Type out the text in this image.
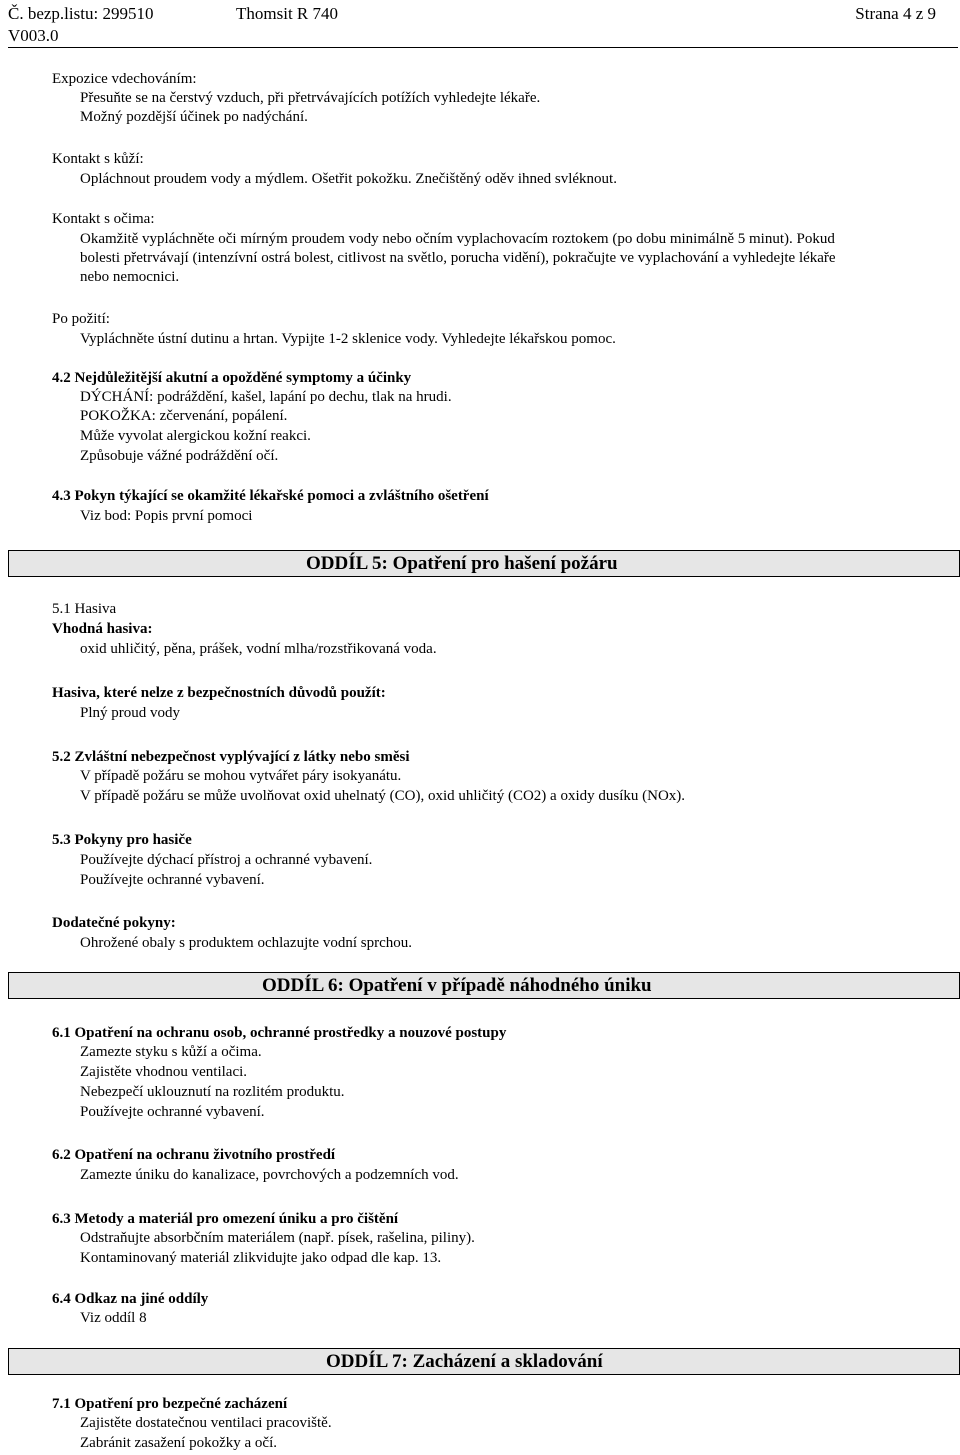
Č. bezp.listu: 299510	Thomsit R 740	Strana 4 z 9
V003.0
Expozice vdechováním:
Přesuňte se na čerstvý vzduch, při přetrvávajících potížích vyhledejte lékaře.
Možný pozdější účinek po nadýchání.
Kontakt s kůží:
Opláchnout proudem vody a mýdlem. Ošetřit pokožku. Znečištěný oděv ihned svléknout.
Kontakt s očima:
Okamžitě vypláchněte oči mírným proudem vody nebo očním vyplachovacím roztokem (po dobu minimálně 5 minut). Pokud
bolesti přetrvávají (intenzívní ostrá bolest, citlivost na světlo, porucha vidění), pokračujte ve vyplachování a vyhledejte lékaře
nebo nemocnici.
Po požití:
Vypláchněte ústní dutinu a hrtan. Vypijte 1-2 sklenice vody. Vyhledejte lékařskou pomoc.
4.2 Nejdůležitější akutní a opožděné symptomy a účinky
DÝCHÁNÍ: podráždění, kašel, lapání po dechu, tlak na hrudi.
POKOŽKA: zčervenání, popálení.
Může vyvolat alergickou kožní reakci.
Způsobuje vážné podráždění očí.
4.3 Pokyn týkající se okamžité lékařské pomoci a zvláštního ošetření
Viz bod: Popis první pomoci
ODDÍL 5: Opatření pro hašení požáru
5.1 Hasiva
Vhodná hasiva:
oxid uhličitý, pěna, prášek, vodní mlha/rozstřikovaná voda.
Hasiva, které nelze z bezpečnostních důvodů použít:
Plný proud vody
5.2 Zvláštní nebezpečnost vyplývající z látky nebo směsi
V případě požáru se mohou vytvářet páry isokyanátu.
V případě požáru se může uvolňovat oxid uhelnatý (CO), oxid uhličitý (CO2) a oxidy dusíku (NOx).
5.3 Pokyny pro hasiče
Používejte dýchací přístroj a ochranné vybavení.
Používejte ochranné vybavení.
Dodatečné pokyny:
Ohrožené obaly s produktem ochlazujte vodní sprchou.
ODDÍL 6: Opatření v případě náhodného úniku
6.1 Opatření na ochranu osob, ochranné prostředky a nouzové postupy
Zamezte styku s kůží a očima.
Zajistěte vhodnou ventilaci.
Nebezpečí uklouznutí na rozlitém produktu.
Používejte ochranné vybavení.
6.2 Opatření na ochranu životního prostředí
Zamezte úniku do kanalizace, povrchových a podzemních vod.
6.3 Metody a materiál pro omezení úniku a pro čištění
Odstraňujte absorbčním materiálem (např. písek, rašelina, piliny).
Kontaminovaný materiál zlikvidujte jako odpad dle kap. 13.
6.4 Odkaz na jiné oddíly
Viz oddíl 8
ODDÍL 7: Zacházení a skladování
7.1 Opatření pro bezpečné zacházení
Zajistěte dostatečnou ventilaci pracoviště.
Zabránit zasažení pokožky a očí.
